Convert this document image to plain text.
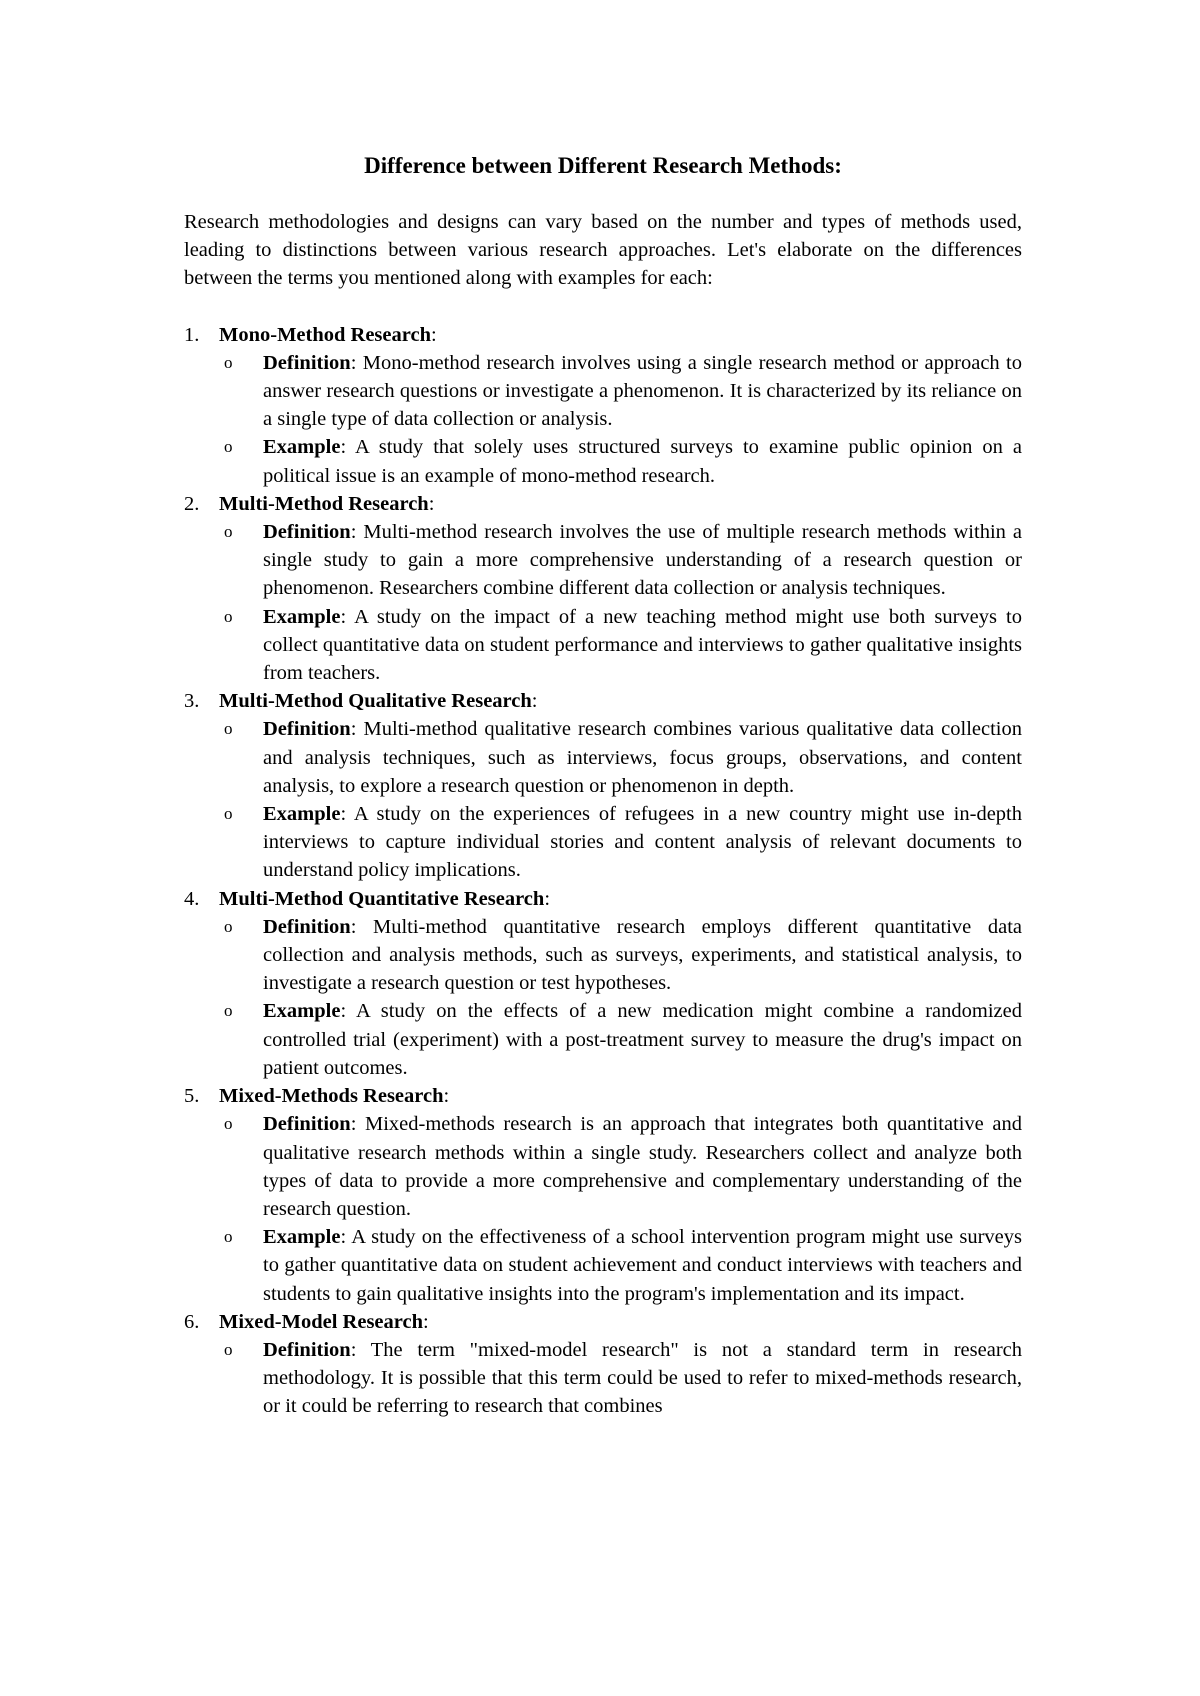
Difference between Different Research Methods:

Research methodologies and designs can vary based on the number and types of methods used, leading to distinctions between various research approaches. Let's elaborate on the differences between the terms you mentioned along with examples for each:

1. Mono-Method Research:
o Definition: Mono-method research involves using a single research method or approach to answer research questions or investigate a phenomenon. It is characterized by its reliance on a single type of data collection or analysis.
o Example: A study that solely uses structured surveys to examine public opinion on a political issue is an example of mono-method research.
2. Multi-Method Research:
o Definition: Multi-method research involves the use of multiple research methods within a single study to gain a more comprehensive understanding of a research question or phenomenon. Researchers combine different data collection or analysis techniques.
o Example: A study on the impact of a new teaching method might use both surveys to collect quantitative data on student performance and interviews to gather qualitative insights from teachers.
3. Multi-Method Qualitative Research:
o Definition: Multi-method qualitative research combines various qualitative data collection and analysis techniques, such as interviews, focus groups, observations, and content analysis, to explore a research question or phenomenon in depth.
o Example: A study on the experiences of refugees in a new country might use in-depth interviews to capture individual stories and content analysis of relevant documents to understand policy implications.
4. Multi-Method Quantitative Research:
o Definition: Multi-method quantitative research employs different quantitative data collection and analysis methods, such as surveys, experiments, and statistical analysis, to investigate a research question or test hypotheses.
o Example: A study on the effects of a new medication might combine a randomized controlled trial (experiment) with a post-treatment survey to measure the drug's impact on patient outcomes.
5. Mixed-Methods Research:
o Definition: Mixed-methods research is an approach that integrates both quantitative and qualitative research methods within a single study. Researchers collect and analyze both types of data to provide a more comprehensive and complementary understanding of the research question.
o Example: A study on the effectiveness of a school intervention program might use surveys to gather quantitative data on student achievement and conduct interviews with teachers and students to gain qualitative insights into the program's implementation and its impact.
6. Mixed-Model Research:
o Definition: The term "mixed-model research" is not a standard term in research methodology. It is possible that this term could be used to refer to mixed-methods research, or it could be referring to research that combines
